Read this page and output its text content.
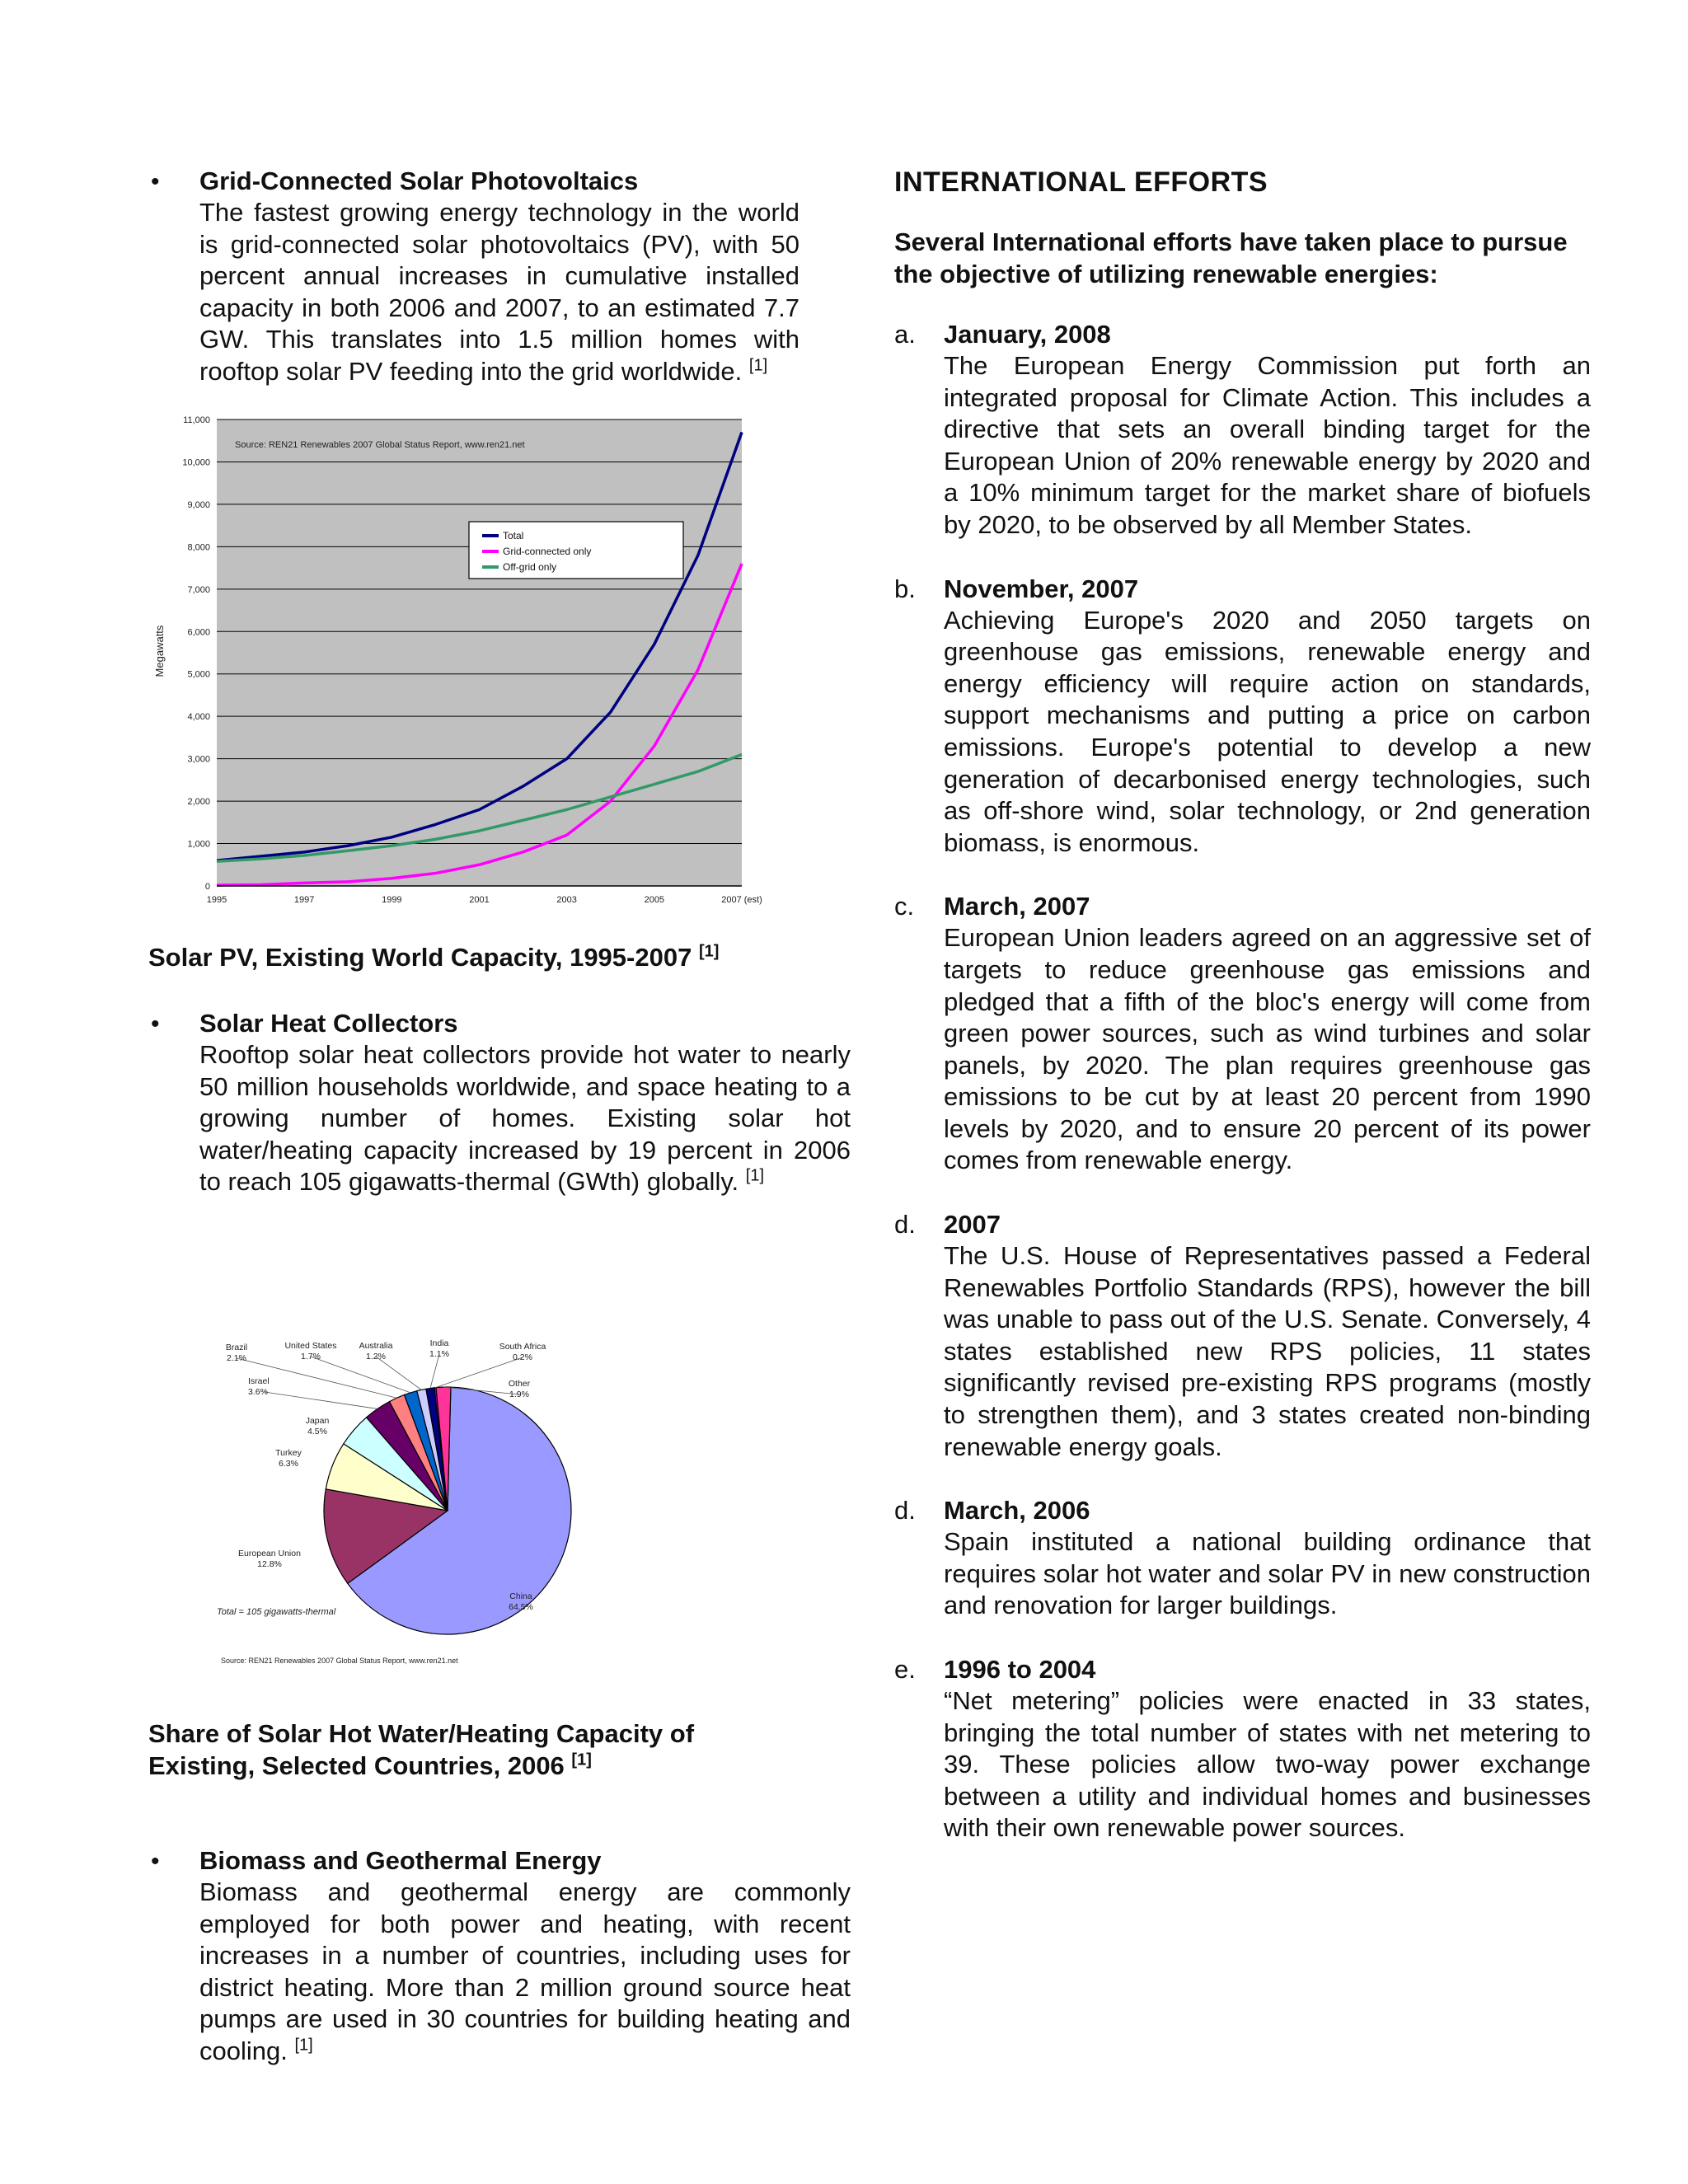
• Grid-Connected Solar Photovoltaics
The fastest growing energy technology in the world is grid-connected solar photovoltaics (PV), with 50 percent annual increases in cumulative installed capacity in both 2006 and 2007, to an estimated 7.7 GW. This translates into 1.5 million homes with rooftop solar PV feeding into the grid worldwide. [1]
0
1,000
2,000
3,000
4,000
5,000
6,000
7,000
8,000
9,000
10,000
11,000
1995	1997	1999	2001	2003	2005	2007 (est)
Source: REN21 Renewables 2007 Global Status Report, www.ren21.net
Megawatts
Total
Grid-connected only
Off-grid only
Solar PV, Existing World Capacity, 1995-2007 [1]
• Solar Heat Collectors
Rooftop solar heat collectors provide hot water to nearly 50 million households worldwide, and space heating to a growing number of homes. Existing solar hot water/heating capacity increased by 19 percent in 2006 to reach 105 gigawatts-thermal (GWth) globally. [1]
China
64.5%
European Union
12.8%
Turkey
6.3%
Japan
4.5%
Israel
3.6%
Brazil
2.1%
United States
1.7%
Australia
1.2%
India
1.1%
South Africa
0.2%
Other
1.9%
Total = 105 gigawatts-thermal
Source: REN21 Renewables 2007 Global Status Report, www.ren21.net
Share of Solar Hot Water/Heating Capacity of Existing, Selected Countries, 2006 [1]
• Biomass and Geothermal Energy
Biomass and geothermal energy are commonly employed for both power and heating, with recent increases in a number of countries, including uses for district heating. More than 2 million ground source heat pumps are used in 30 countries for building heating and cooling. [1]
INTERNATIONAL EFFORTS
Several International efforts have taken place to pursue the objective of utilizing renewable energies:
a. January, 2008
The European Energy Commission put forth an integrated proposal for Climate Action. This includes a directive that sets an overall binding target for the European Union of 20% renewable energy by 2020 and a 10% minimum target for the market share of biofuels by 2020, to be observed by all Member States.
b. November, 2007
Achieving Europe's 2020 and 2050 targets on greenhouse gas emissions, renewable energy and energy efficiency will require action on standards, support mechanisms and putting a price on carbon emissions. Europe's potential to develop a new generation of decarbonised energy technologies, such as off-shore wind, solar technology, or 2nd generation biomass, is enormous.
c. March, 2007
European Union leaders agreed on an aggressive set of targets to reduce greenhouse gas emissions and pledged that a fifth of the bloc's energy will come from green power sources, such as wind turbines and solar panels, by 2020. The plan requires greenhouse gas emissions to be cut by at least 20 percent from 1990 levels by 2020, and to ensure 20 percent of its power comes from renewable energy.
d. 2007
The U.S. House of Representatives passed a Federal Renewables Portfolio Standards (RPS), however the bill was unable to pass out of the U.S. Senate. Conversely, 4 states established new RPS policies, 11 states significantly revised pre-existing RPS programs (mostly to strengthen them), and 3 states created non-binding renewable energy goals.
d. March, 2006
Spain instituted a national building ordinance that requires solar hot water and solar PV in new construction and renovation for larger buildings.
e. 1996 to 2004
“Net metering” policies were enacted in 33 states, bringing the total number of states with net metering to 39. These policies allow two-way power exchange between a utility and individual homes and businesses with their own renewable power sources.
